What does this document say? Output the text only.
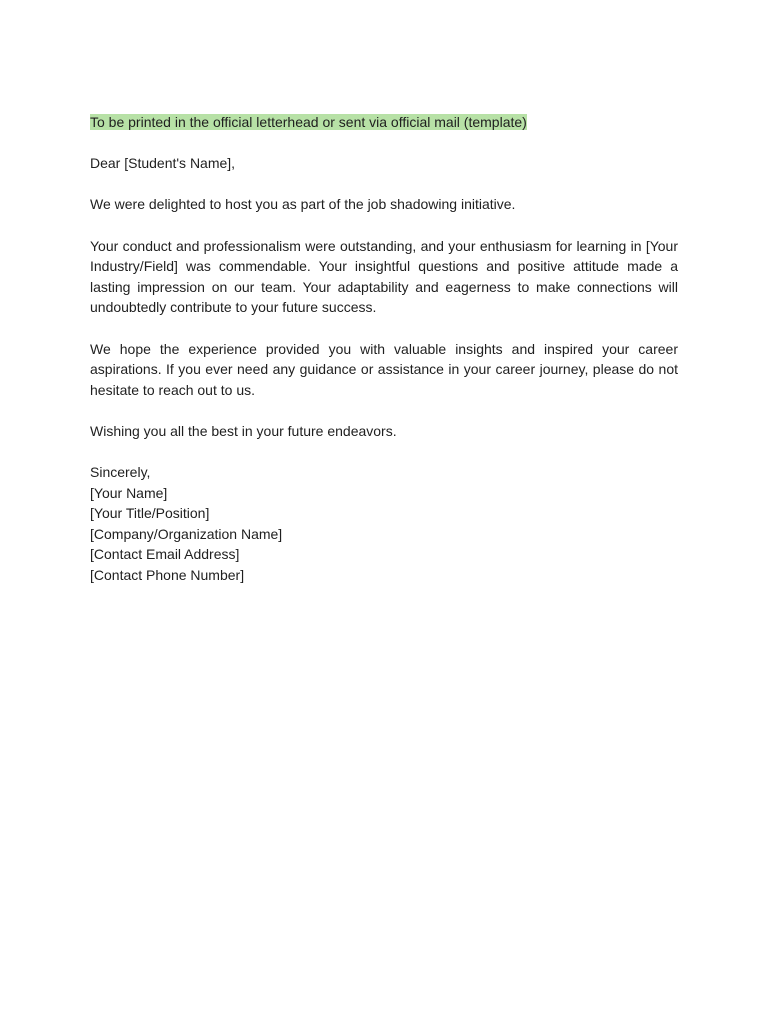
To be printed in the official letterhead or sent via official mail (template)

Dear [Student's Name],

We were delighted to host you as part of the job shadowing initiative.

Your conduct and professionalism were outstanding, and your enthusiasm for learning in [Your Industry/Field] was commendable. Your insightful questions and positive attitude made a lasting impression on our team. Your adaptability and eagerness to make connections will undoubtedly contribute to your future success.

We hope the experience provided you with valuable insights and inspired your career aspirations. If you ever need any guidance or assistance in your career journey, please do not hesitate to reach out to us.

Wishing you all the best in your future endeavors.

Sincerely,
[Your Name]
[Your Title/Position]
[Company/Organization Name]
[Contact Email Address]
[Contact Phone Number]
